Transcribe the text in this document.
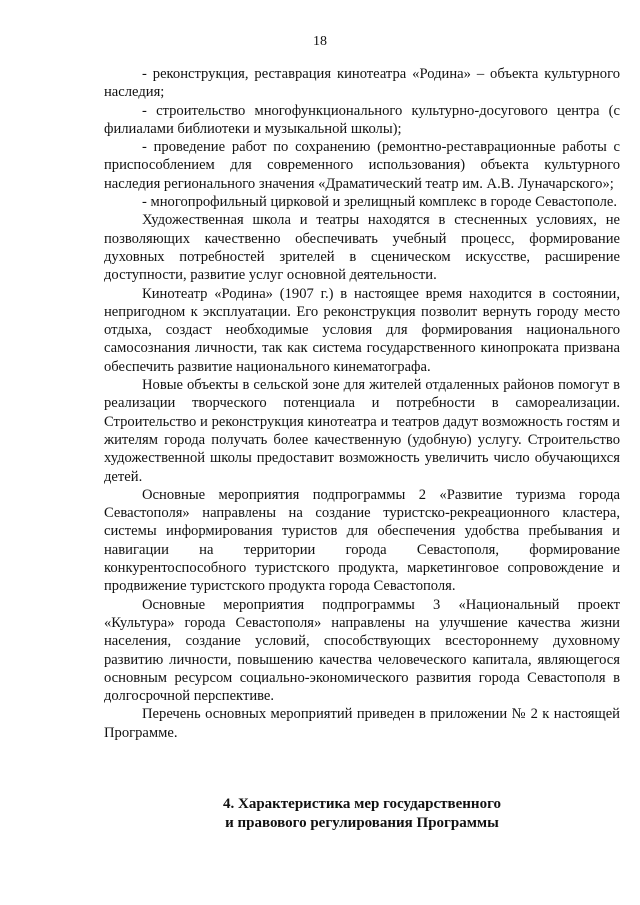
18

- реконструкция, реставрация кинотеатра «Родина» – объекта культурного наследия;

- строительство многофункционального культурно-досугового центра (с филиалами библиотеки и музыкальной школы);

- проведение работ по сохранению (ремонтно-реставрационные работы с приспособлением для современного использования) объекта культурного наследия регионального значения «Драматический театр им. А.В. Луначарского»;

- многопрофильный цирковой и зрелищный комплекс в городе Севастополе.

Художественная школа и театры находятся в стесненных условиях, не позволяющих качественно обеспечивать учебный процесс, формирование духовных потребностей зрителей в сценическом искусстве, расширение доступности, развитие услуг основной деятельности.

Кинотеатр «Родина» (1907 г.) в настоящее время находится в состоянии, непригодном к эксплуатации. Его реконструкция позволит вернуть городу место отдыха, создаст необходимые условия для формирования национального самосознания личности, так как система государственного кинопроката призвана обеспечить развитие национального кинематографа.

Новые объекты в сельской зоне для жителей отдаленных районов помогут в реализации творческого потенциала и потребности в самореализации. Строительство и реконструкция кинотеатра и театров дадут возможность гостям и жителям города получать более качественную (удобную) услугу. Строительство художественной школы предоставит возможность увеличить число обучающихся детей.

Основные мероприятия подпрограммы 2 «Развитие туризма города Севастополя» направлены на создание туристско-рекреационного кластера, системы информирования туристов для обеспечения удобства пребывания и навигации на территории города Севастополя, формирование конкурентоспособного туристского продукта, маркетинговое сопровождение и продвижение туристского продукта города Севастополя.

Основные мероприятия подпрограммы 3 «Национальный проект «Культура» города Севастополя» направлены на улучшение качества жизни населения, создание условий, способствующих всестороннему духовному развитию личности, повышению качества человеческого капитала, являющегося основным ресурсом социально-экономического развития города Севастополя в долгосрочной перспективе.

Перечень основных мероприятий приведен в приложении № 2 к настоящей Программе.

4. Характеристика мер государственного
и правового регулирования Программы
